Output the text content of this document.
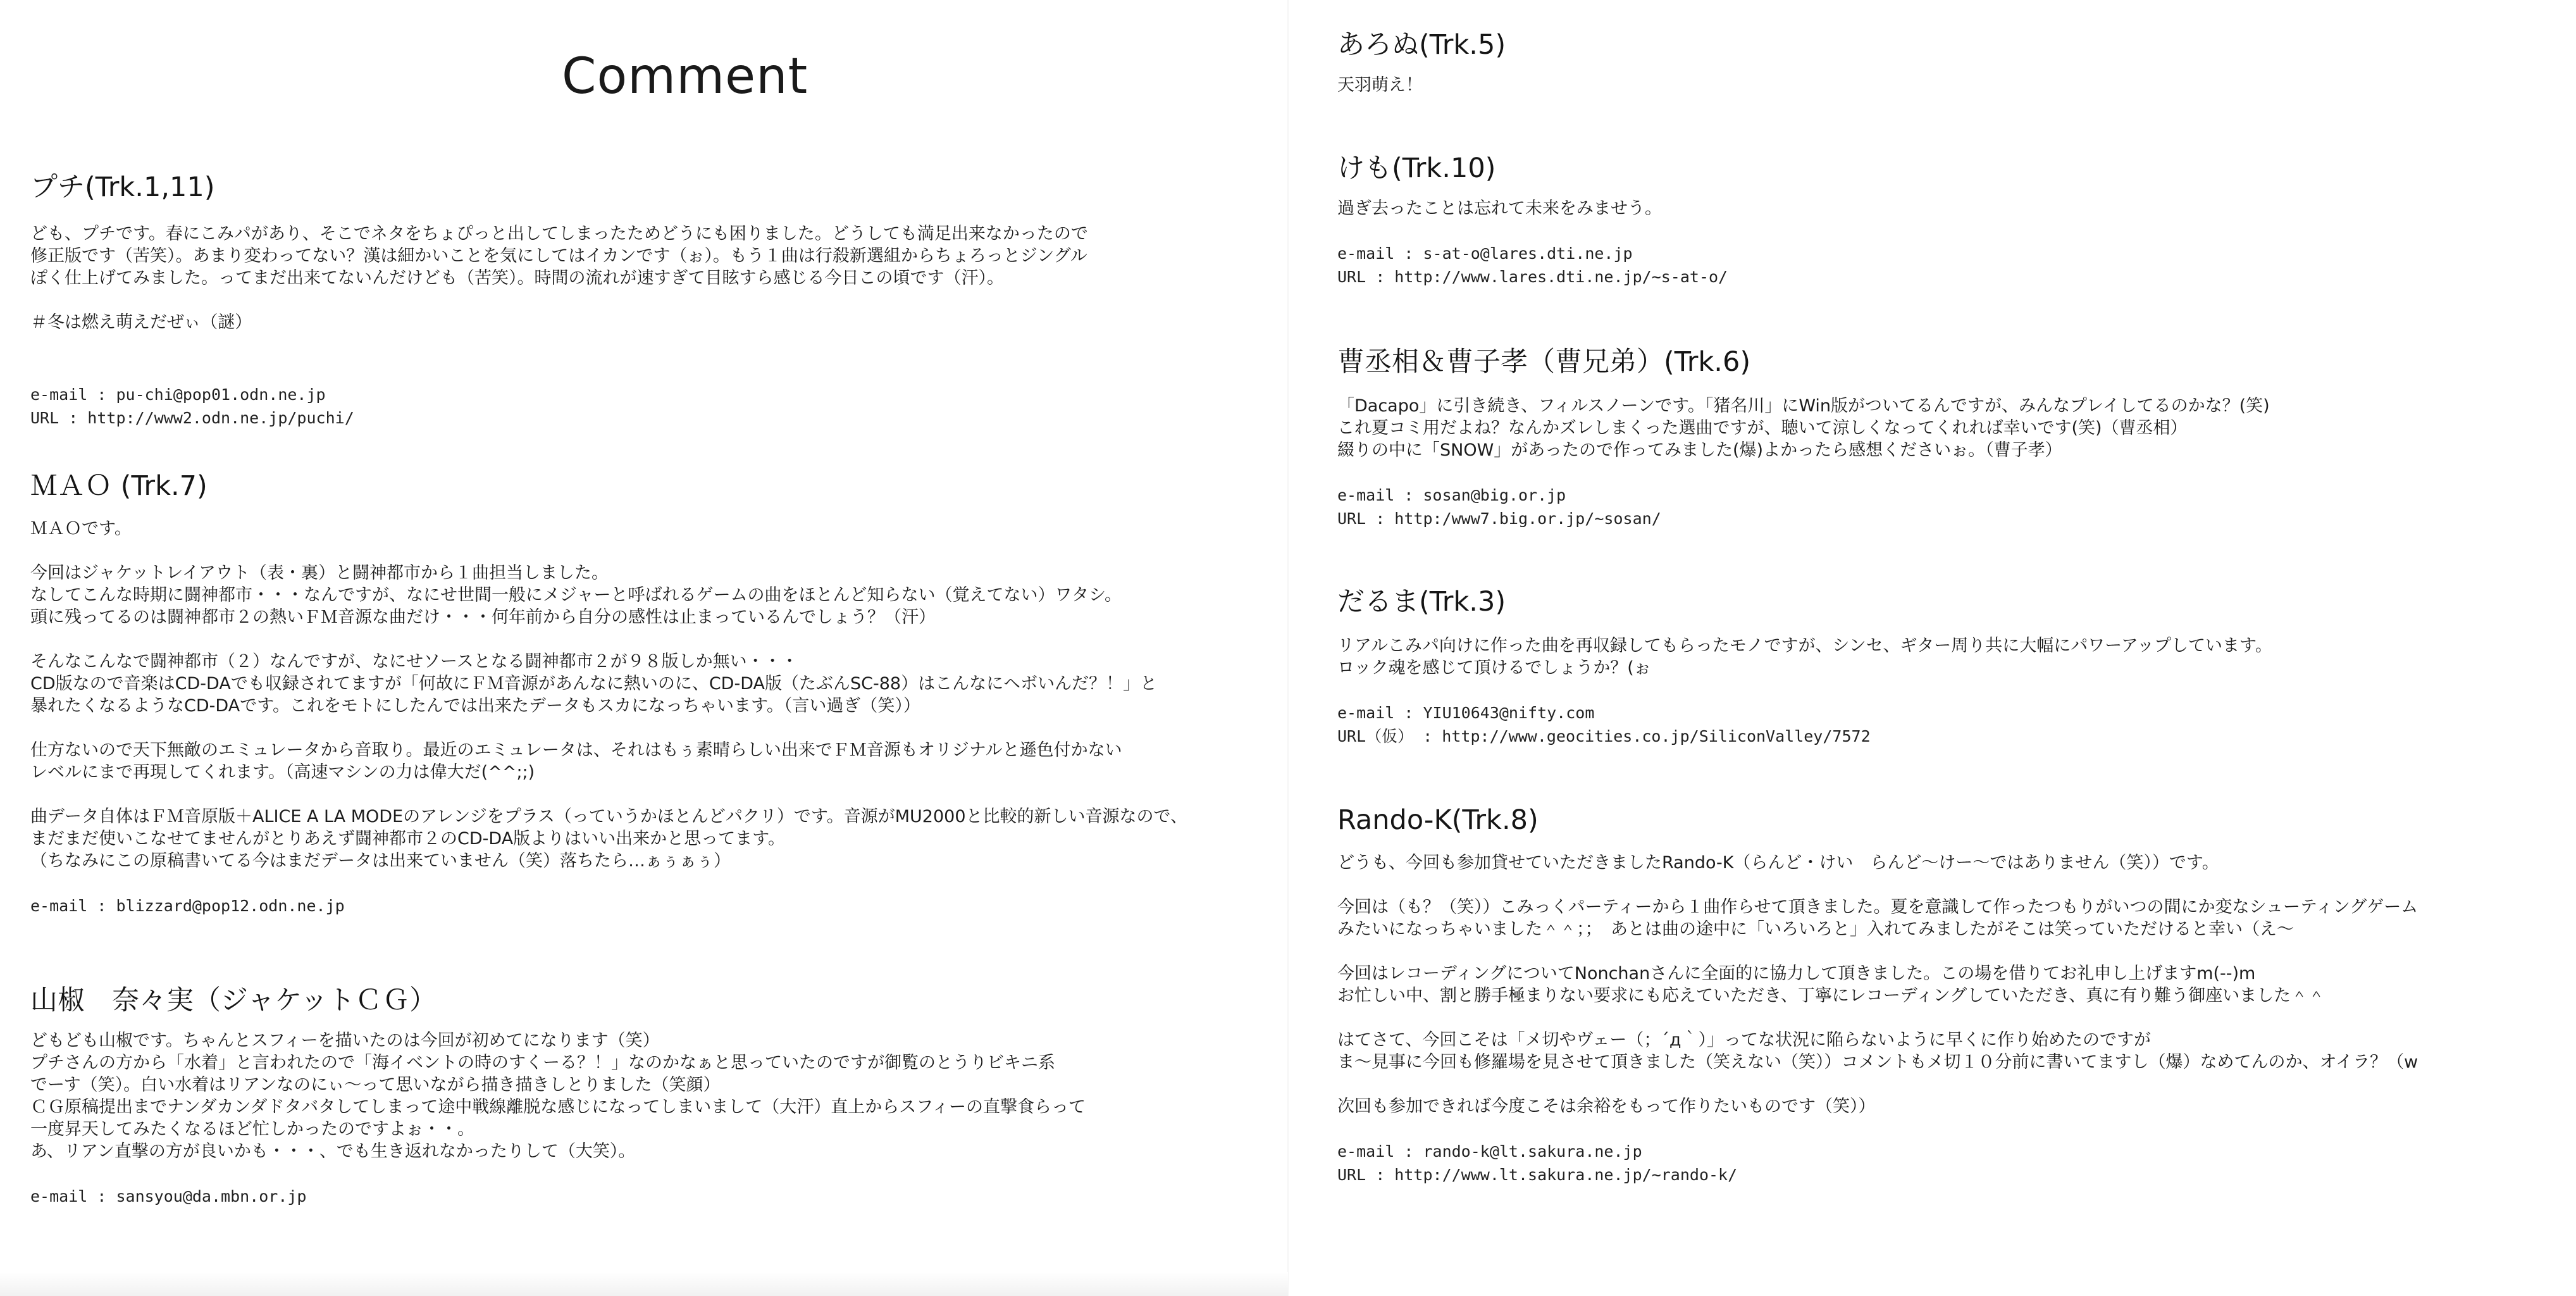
Comment
プチ(Trk.1,11)
ども、プチです。春にこみパがあり、そこでネタをちょぴっと出してしまったためどうにも困りました。どうしても満足出来なかったので
修正版です（苦笑）。あまり変わってない？漢は細かいことを気にしてはイカンです（ぉ）。もう１曲は行殺新選組からちょろっとジングル
ぽく仕上げてみました。ってまだ出来てないんだけども（苦笑）。時間の流れが速すぎて目眩すら感じる今日この頃です（汗）。
＃冬は燃え萌えだぜぃ（謎）
e-mail : pu-chi@pop01.odn.ne.jp
URL : http://www2.odn.ne.jp/puchi/
ＭＡＯ (Trk.7)
ＭＡＯです。
今回はジャケットレイアウト（表・裏）と闘神都市から１曲担当しました。
なしてこんな時期に闘神都市・・・なんですが、なにせ世間一般にメジャーと呼ばれるゲームの曲をほとんど知らない（覚えてない）ワタシ。
頭に残ってるのは闘神都市２の熱いＦＭ音源な曲だけ・・・何年前から自分の感性は止まっているんでしょう？（汗）
そんなこんなで闘神都市（２）なんですが、なにせソースとなる闘神都市２が９８版しか無い・・・
CD版なので音楽はCD-DAでも収録されてますが「何故にＦＭ音源があんなに熱いのに、CD-DA版（たぶんSC-88）はこんなにヘボいんだ？！」と
暴れたくなるようなCD-DAです。これをモトにしたんでは出来たデータもスカになっちゃいます。（言い過ぎ（笑））
仕方ないので天下無敵のエミュレータから音取り。最近のエミュレータは、それはもぅ素晴らしい出来でＦＭ音源もオリジナルと遜色付かない
レベルにまで再現してくれます。（高速マシンの力は偉大だ(^^;;)
曲データ自体はＦＭ音原版＋ALICE A LA MODEのアレンジをプラス（っていうかほとんどパクリ）です。音源がMU2000と比較的新しい音源なので、
まだまだ使いこなせてませんがとりあえず闘神都市２のCD-DA版よりはいい出来かと思ってます。
（ちなみにこの原稿書いてる今はまだデータは出来ていません（笑）落ちたら…ぁぅぁぅ）
e-mail : blizzard@pop12.odn.ne.jp
山椒　奈々実（ジャケットＣＧ）
どもども山椒です。ちゃんとスフィーを描いたのは今回が初めてになります（笑）
プチさんの方から「水着」と言われたので「海イベントの時のすくーる？！」なのかなぁと思っていたのですが御覧のとうりビキニ系
でーす（笑）。白い水着はリアンなのにぃ〜って思いながら描き描きしとりました（笑顔）
ＣＧ原稿提出までナンダカンダドタバタしてしまって途中戦線離脱な感じになってしまいまして（大汗）直上からスフィーの直撃食らって
一度昇天してみたくなるほど忙しかったのですよぉ・・。
あ、リアン直撃の方が良いかも・・・、でも生き返れなかったりして（大笑）。
e-mail : sansyou@da.mbn.or.jp
あろぬ(Trk.5)
天羽萌え！
けも(Trk.10)
過ぎ去ったことは忘れて未来をみませう。
e-mail : s-at-o@lares.dti.ne.jp
URL : http://www.lares.dti.ne.jp/~s-at-o/
曹丞相＆曹子孝（曹兄弟）(Trk.6)
「Dacapo」に引き続き、フィルスノーンです。「猪名川」にWin版がついてるんですが、みんなプレイしてるのかな？(笑)
これ夏コミ用だよね？なんかズレしまくった選曲ですが、聴いて涼しくなってくれれば幸いです(笑)（曹丞相）
綴りの中に「SNOW」があったので作ってみました(爆)よかったら感想くださいぉ。（曹子孝）
e-mail : sosan@big.or.jp
URL : http:/www7.big.or.jp/~sosan/
だるま(Trk.3)
リアルこみパ向けに作った曲を再収録してもらったモノですが、シンセ、ギター周り共に大幅にパワーアップしています。
ロック魂を感じて頂けるでしょうか？(ぉ
e-mail : YIU10643@nifty.com
URL（仮） : http://www.geocities.co.jp/SiliconValley/7572
Rando-K(Trk.8)
どうも、今回も参加貸せていただきましたRando-K（らんど・けい　らんど〜けー〜ではありません（笑））です。
今回は（も？（笑））こみっくパーティーから１曲作らせて頂きました。夏を意識して作ったつもりがいつの間にか変なシューティングゲーム
みたいになっちゃいました＾＾；；　あとは曲の途中に「いろいろと」入れてみましたがそこは笑っていただけると幸い（え〜
今回はレコーディングについてNonchanさんに全面的に協力して頂きました。この場を借りてお礼申し上げますm(--)m
お忙しい中、割と勝手極まりない要求にも応えていただき、丁寧にレコーディングしていただき、真に有り難う御座いました＾＾
はてさて、今回こそは「メ切やヴェー（；´д｀）」ってな状況に陥らないように早くに作り始めたのですが
ま〜見事に今回も修羅場を見させて頂きました（笑えない（笑））コメントもメ切１０分前に書いてますし（爆）なめてんのか、オイラ？（w
次回も参加できれば今度こそは余裕をもって作りたいものです（笑））
e-mail : rando-k@lt.sakura.ne.jp
URL : http://www.lt.sakura.ne.jp/~rando-k/
